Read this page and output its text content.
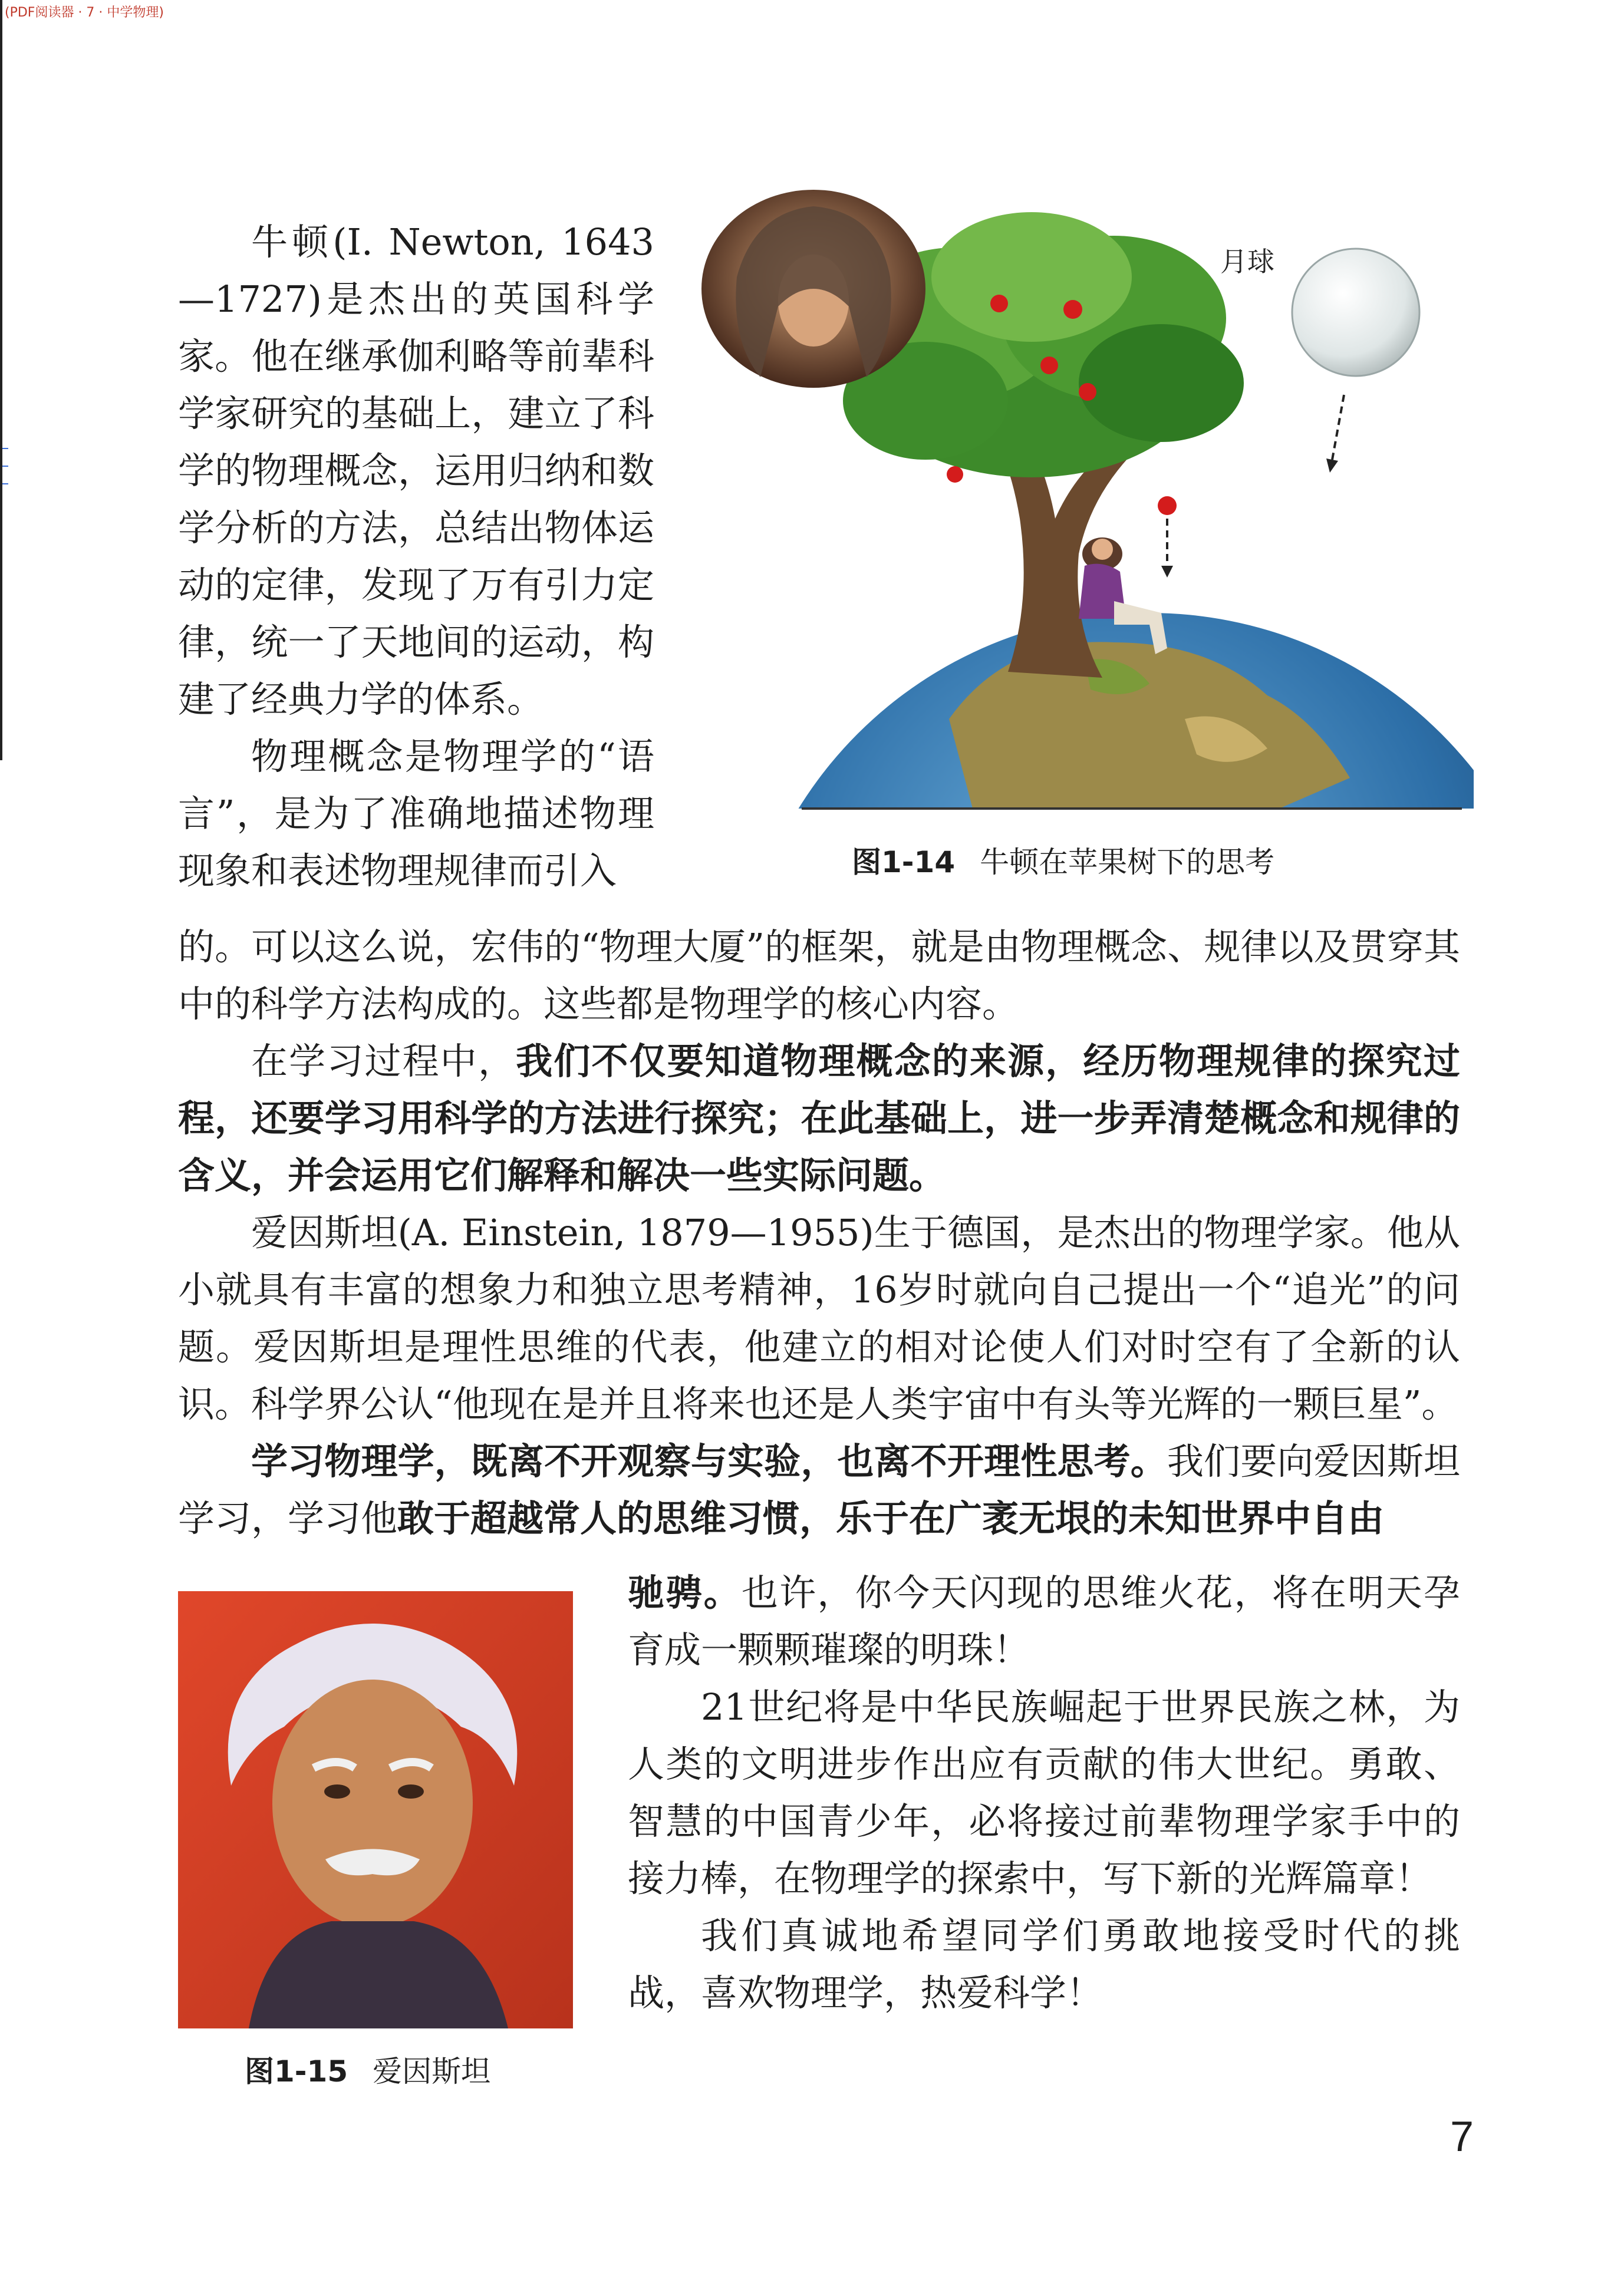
(PDF阅读器 · 7 · 中学物理)

牛顿(I. Newton, 1643—1727)是杰出的英国科学家。他在继承伽利略等前辈科学家研究的基础上，建立了科学的物理概念，运用归纳和数学分析的方法，总结出物体运动的定律，发现了万有引力定律，统一了天地间的运动，构建了经典力学的体系。

物理概念是物理学的“语言”，是为了准确地描述物理现象和表述物理规律而引入

月球
图1-14 牛顿在苹果树下的思考

的。可以这么说，宏伟的“物理大厦”的框架，就是由物理概念、规律以及贯穿其中的科学方法构成的。这些都是物理学的核心内容。

在学习过程中，我们不仅要知道物理概念的来源，经历物理规律的探究过程，还要学习用科学的方法进行探究；在此基础上，进一步弄清楚概念和规律的含义，并会运用它们解释和解决一些实际问题。

爱因斯坦(A. Einstein, 1879—1955)生于德国，是杰出的物理学家。他从小就具有丰富的想象力和独立思考精神，16岁时就向自己提出一个“追光”的问题。爱因斯坦是理性思维的代表，他建立的相对论使人们对时空有了全新的认识。科学界公认“他现在是并且将来也还是人类宇宙中有头等光辉的一颗巨星”。

学习物理学，既离不开观察与实验，也离不开理性思考。我们要向爱因斯坦学习，学习他敢于超越常人的思维习惯，乐于在广袤无垠的未知世界中自由

图1-15 爱因斯坦

驰骋。也许，你今天闪现的思维火花，将在明天孕育成一颗颗璀璨的明珠！

21世纪将是中华民族崛起于世界民族之林，为人类的文明进步作出应有贡献的伟大世纪。勇敢、智慧的中国青少年，必将接过前辈物理学家手中的接力棒，在物理学的探索中，写下新的光辉篇章！

我们真诚地希望同学们勇敢地接受时代的挑战，喜欢物理学，热爱科学！

7
